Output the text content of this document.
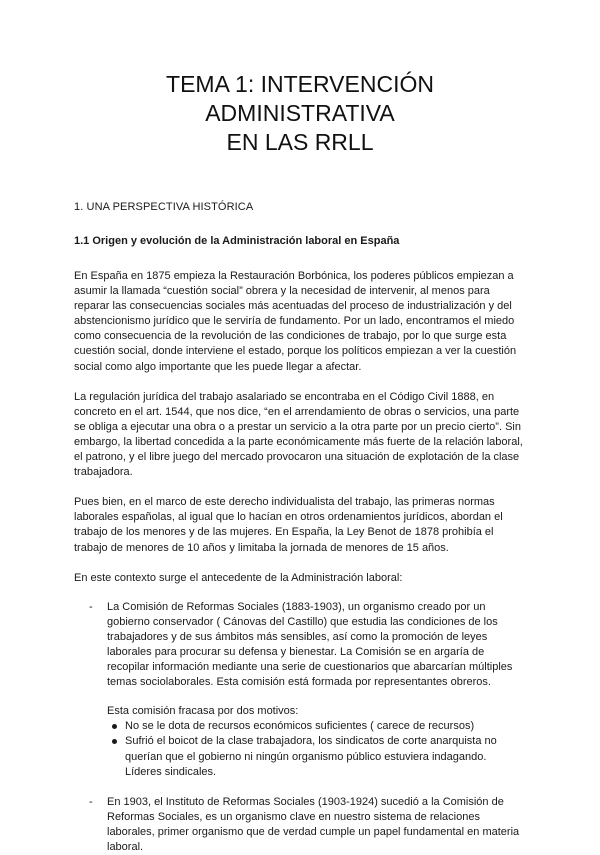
TEMA 1: INTERVENCIÓN ADMINISTRATIVA
EN LAS RRLL
1. UNA PERSPECTIVA HISTÓRICA
1.1 Origen y evolución de la Administración laboral en España

En España en 1875 empieza la Restauración Borbónica, los poderes públicos empiezan a asumir la llamada “cuestión social” obrera y la necesidad de intervenir, al menos para reparar las consecuencias sociales más acentuadas del proceso de industrialización y del abstencionismo jurídico que le serviría de fundamento. Por un lado, encontramos el miedo como consecuencia de la revolución de las condiciones de trabajo, por lo que surge esta cuestión social, donde interviene el estado, porque los políticos empiezan a ver la cuestión social como algo importante que les puede llegar a afectar.

La regulación jurídica del trabajo asalariado se encontraba en el Código Civil 1888, en concreto en el art. 1544, que nos dice, “en el arrendamiento de obras o servicios, una parte se obliga a ejecutar una obra o a prestar un servicio a la otra parte por un precio cierto”. Sin embargo, la libertad concedida a la parte económicamente más fuerte de la relación laboral, el patrono, y el libre juego del mercado provocaron una situación de explotación de la clase trabajadora.

Pues bien, en el marco de este derecho individualista del trabajo, las primeras normas laborales españolas, al igual que lo hacían en otros ordenamientos jurídicos, abordan el trabajo de los menores y de las mujeres. En España, la Ley Benot de 1878 prohibía el trabajo de menores de 10 años y limitaba la jornada de menores de 15 años.

En este contexto surge el antecedente de la Administración laboral:

- La Comisión de Reformas Sociales (1883-1903), un organismo creado por un gobierno conservador ( Cánovas del Castillo) que estudia las condiciones de los trabajadores y de sus ámbitos más sensibles, así como la promoción de leyes laborales para procurar su defensa y bienestar. La Comisión se en argaría de recopilar información mediante una serie de cuestionarios que abarcarían múltiples temas sociolaborales. Esta comisión está formada por representantes obreros.
Esta comisión fracasa por dos motivos:
No se le dota de recursos económicos suficientes ( carece de recursos)
Sufrió el boicot de la clase trabajadora, los sindicatos de corte anarquista no querían que el gobierno ni ningún organismo público estuviera indagando. Líderes sindicales.
- En 1903, el Instituto de Reformas Sociales (1903-1924) sucedió a la Comisión de Reformas Sociales, es un organismo clave en nuestro sistema de relaciones laborales, primer organismo que de verdad cumple un papel fundamental en materia laboral.
